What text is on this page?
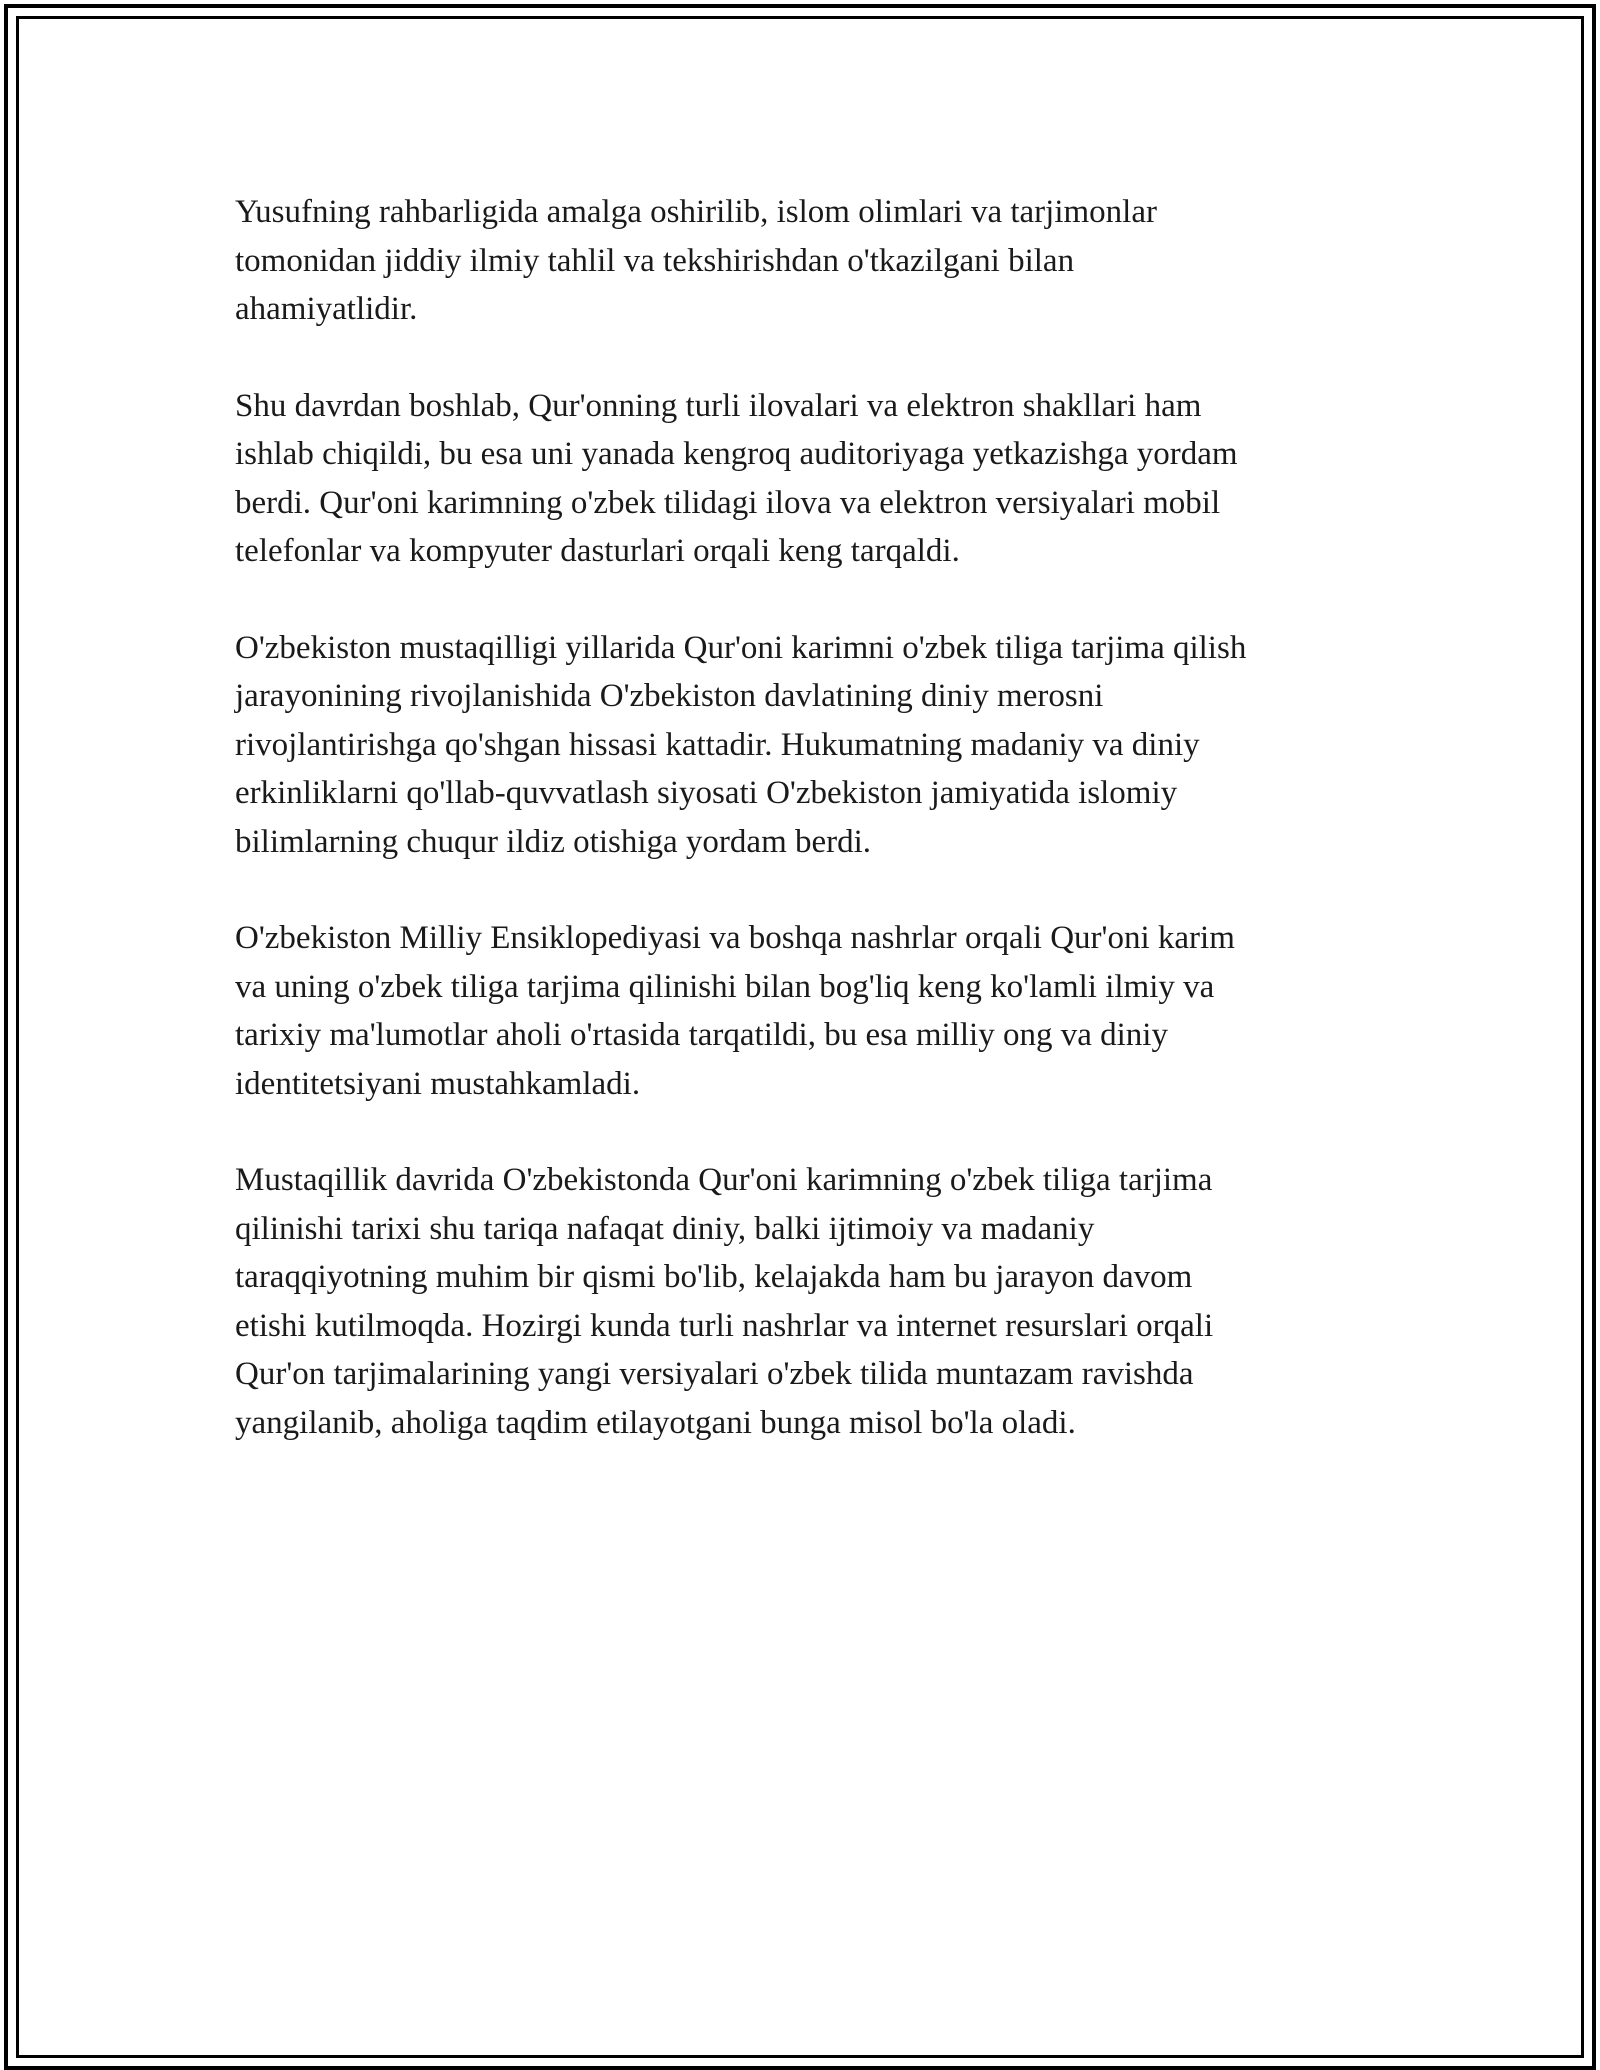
Yusufning rahbarligida amalga oshirilib, islom olimlari va tarjimonlar
tomonidan jiddiy ilmiy tahlil va tekshirishdan o'tkazilgani bilan
ahamiyatlidir.

Shu davrdan boshlab, Qur'onning turli ilovalari va elektron shakllari ham
ishlab chiqildi, bu esa uni yanada kengroq auditoriyaga yetkazishga yordam
berdi. Qur'oni karimning o'zbek tilidagi ilova va elektron versiyalari mobil
telefonlar va kompyuter dasturlari orqali keng tarqaldi.

O'zbekiston mustaqilligi yillarida Qur'oni karimni o'zbek tiliga tarjima qilish
jarayonining rivojlanishida O'zbekiston davlatining diniy merosni
rivojlantirishga qo'shgan hissasi kattadir. Hukumatning madaniy va diniy
erkinliklarni qo'llab-quvvatlash siyosati O'zbekiston jamiyatida islomiy
bilimlarning chuqur ildiz otishiga yordam berdi.

O'zbekiston Milliy Ensiklopediyasi va boshqa nashrlar orqali Qur'oni karim
va uning o'zbek tiliga tarjima qilinishi bilan bog'liq keng ko'lamli ilmiy va
tarixiy ma'lumotlar aholi o'rtasida tarqatildi, bu esa milliy ong va diniy
identitetsiyani mustahkamladi.

Mustaqillik davrida O'zbekistonda Qur'oni karimning o'zbek tiliga tarjima
qilinishi tarixi shu tariqa nafaqat diniy, balki ijtimoiy va madaniy
taraqqiyotning muhim bir qismi bo'lib, kelajakda ham bu jarayon davom
etishi kutilmoqda. Hozirgi kunda turli nashrlar va internet resurslari orqali
Qur'on tarjimalarining yangi versiyalari o'zbek tilida muntazam ravishda
yangilanib, aholiga taqdim etilayotgani bunga misol bo'la oladi.
